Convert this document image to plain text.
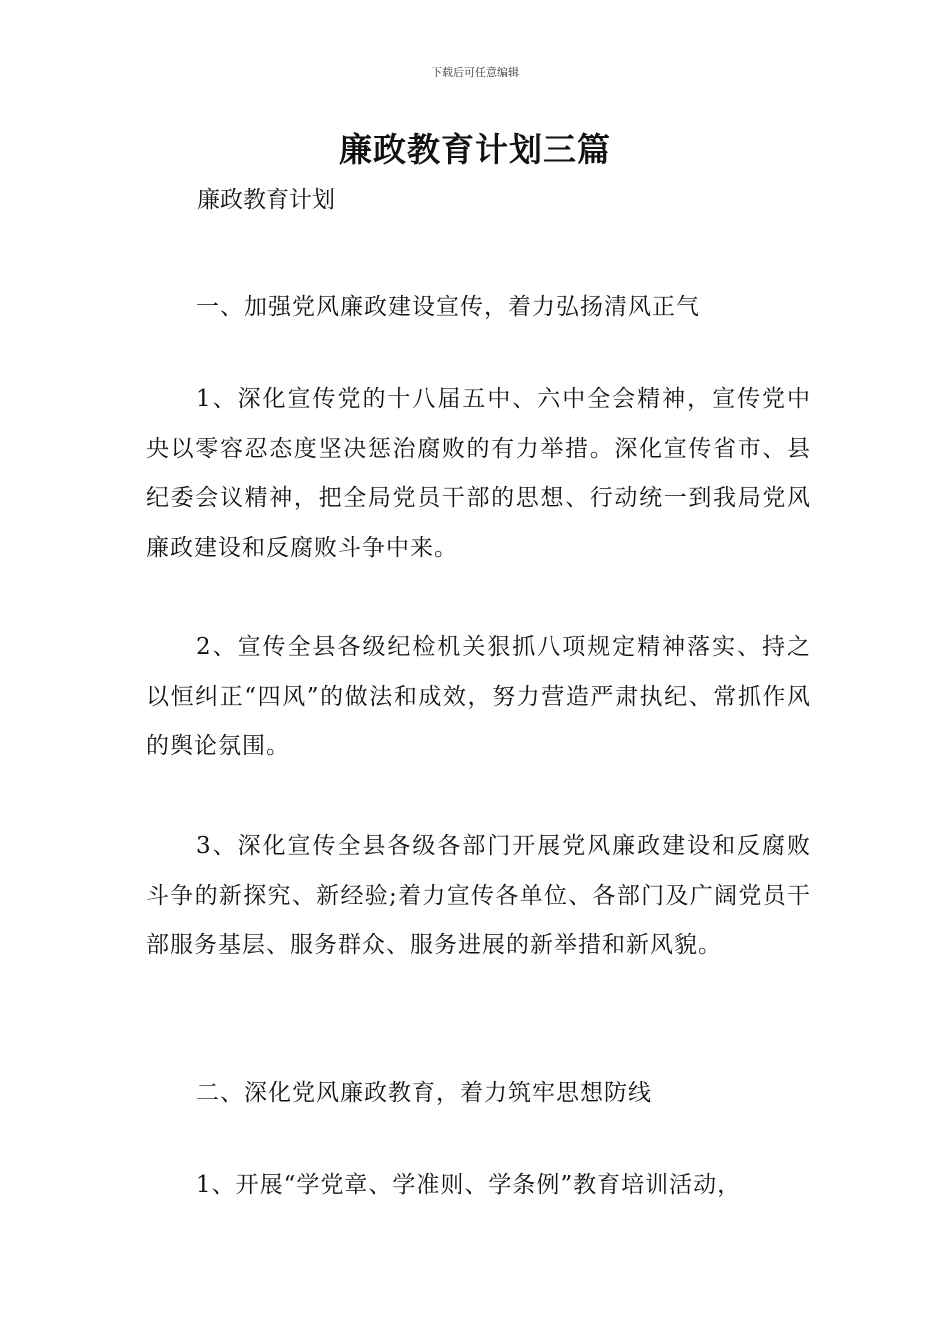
下载后可任意编辑
廉政教育计划三篇
廉政教育计划

一、加强党风廉政建设宣传，着力弘扬清风正气

1、深化宣传党的十八届五中、六中全会精神，宣传党中央以零容忍态度坚决惩治腐败的有力举措。深化宣传省市、县纪委会议精神，把全局党员干部的思想、行动统一到我局党风廉政建设和反腐败斗争中来。

2、宣传全县各级纪检机关狠抓八项规定精神落实、持之以恒纠正“四风”的做法和成效，努力营造严肃执纪、常抓作风的舆论氛围。

3、深化宣传全县各级各部门开展党风廉政建设和反腐败斗争的新探究、新经验;着力宣传各单位、各部门及广阔党员干部服务基层、服务群众、服务进展的新举措和新风貌。

二、深化党风廉政教育，着力筑牢思想防线

1、开展“学党章、学准则、学条例”教育培训活动，
